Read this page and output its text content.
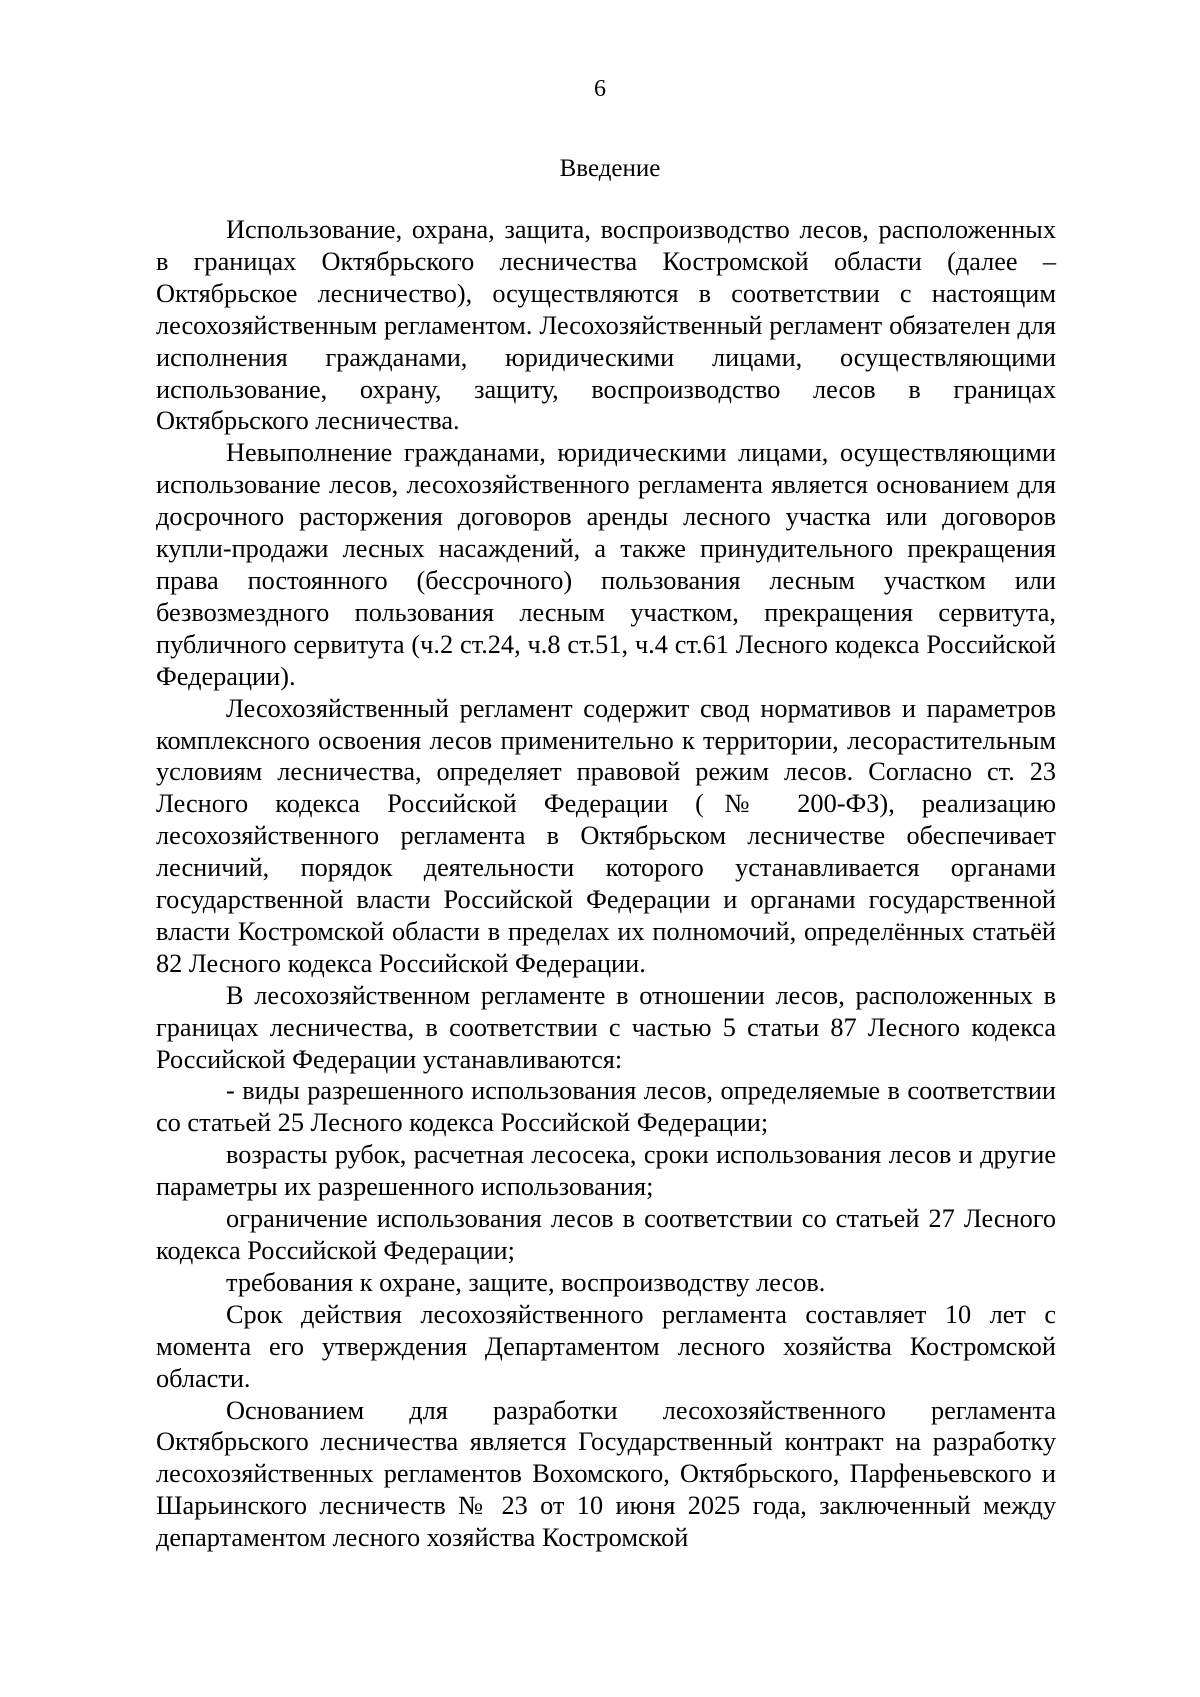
6
Введение

Использование, охрана, защита, воспроизводство лесов, расположенных в границах Октябрьского лесничества Костромской области (далее – Октябрьское лесничество), осуществляются в соответствии с настоящим лесохозяйственным регламентом. Лесохозяйственный регламент обязателен для исполнения гражданами, юридическими лицами, осуществляющими использование, охрану, защиту, воспроизводство лесов в границах Октябрьского лесничества.

Невыполнение гражданами, юридическими лицами, осуществляющими использование лесов, лесохозяйственного регламента является основанием для досрочного расторжения договоров аренды лесного участка или договоров купли-продажи лесных насаждений, а также принудительного прекращения права постоянного (бессрочного) пользования лесным участком или безвозмездного пользования лесным участком, прекращения сервитута, публичного сервитута (ч.2 ст.24, ч.8 ст.51, ч.4 ст.61 Лесного кодекса Российской Федерации).

Лесохозяйственный регламент содержит свод нормативов и параметров комплексного освоения лесов применительно к территории, лесорастительным условиям лесничества, определяет правовой режим лесов. Согласно ст. 23 Лесного кодекса Российской Федерации (№ 200-ФЗ), реализацию лесохозяйственного регламента в Октябрьском лесничестве обеспечивает лесничий, порядок деятельности которого устанавливается органами государственной власти Российской Федерации и органами государственной власти Костромской области в пределах их полномочий, определённых статьёй 82 Лесного кодекса Российской Федерации.

В лесохозяйственном регламенте в отношении лесов, расположенных в границах лесничества, в соответствии с частью 5 статьи 87 Лесного кодекса Российской Федерации устанавливаются:

- виды разрешенного использования лесов, определяемые в соответствии со статьей 25 Лесного кодекса Российской Федерации;

возрасты рубок, расчетная лесосека, сроки использования лесов и другие параметры их разрешенного использования;

ограничение использования лесов в соответствии со статьей 27 Лесного кодекса Российской Федерации;

требования к охране, защите, воспроизводству лесов.

Срок действия лесохозяйственного регламента составляет 10 лет с момента его утверждения Департаментом лесного хозяйства Костромской области.

Основанием для разработки лесохозяйственного регламента Октябрьского лесничества является Государственный контракт на разработку лесохозяйственных регламентов Вохомского, Октябрьского, Парфеньевского и Шарьинского лесничеств № 23 от 10 июня 2025 года, заключенный между департаментом лесного хозяйства Костромской
